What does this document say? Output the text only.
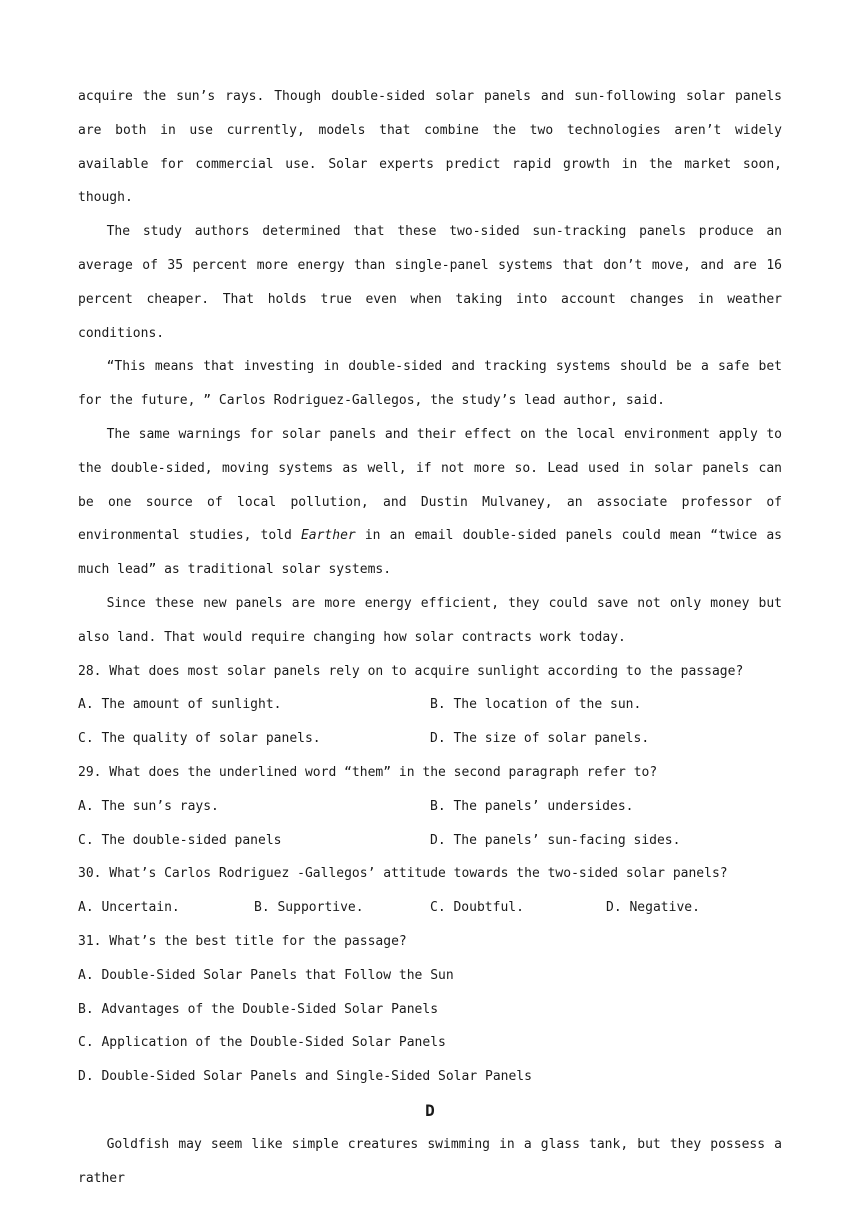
acquire the sun’s rays. Though double-sided solar panels and sun-following solar panels are both in use currently, models that combine the two technologies aren’t widely available for commercial use. Solar experts predict rapid growth in the market soon, though.

The study authors determined that these two-sided sun-tracking panels produce an average of 35 percent more energy than single-panel systems that don’t move, and are 16 percent cheaper. That holds true even when taking into account changes in weather conditions.

“This means that investing in double-sided and tracking systems should be a safe bet for the future, ” Carlos Rodriguez-Gallegos, the study’s lead author, said.

The same warnings for solar panels and their effect on the local environment apply to the double-sided, moving systems as well, if not more so. Lead used in solar panels can be one source of local pollution, and Dustin Mulvaney, an associate professor of environmental studies, told Earther in an email double-sided panels could mean “twice as much lead” as traditional solar systems.

Since these new panels are more energy efficient, they could save not only money but also land. That would require changing how solar contracts work today.

28. What does most solar panels rely on to acquire sunlight according to the passage?

A. The amount of sunlight.	B. The location of the sun.
C. The quality of solar panels.	D. The size of solar panels.

29. What does the underlined word “them” in the second paragraph refer to?

A. The sun’s rays.	B. The panels’ undersides.
C. The double-sided panels	D. The panels’ sun-facing sides.

30. What’s Carlos Rodriguez -Gallegos’ attitude towards the two-sided solar panels?

A. Uncertain.	B. Supportive.	C. Doubtful.	D. Negative.

31. What’s the best title for the passage?

A. Double-Sided Solar Panels that Follow the Sun

B. Advantages of the Double-Sided Solar Panels

C. Application of the Double-Sided Solar Panels

D. Double-Sided Solar Panels and Single-Sided Solar Panels

D

Goldfish may seem like simple creatures swimming in a glass tank, but they possess a rather
